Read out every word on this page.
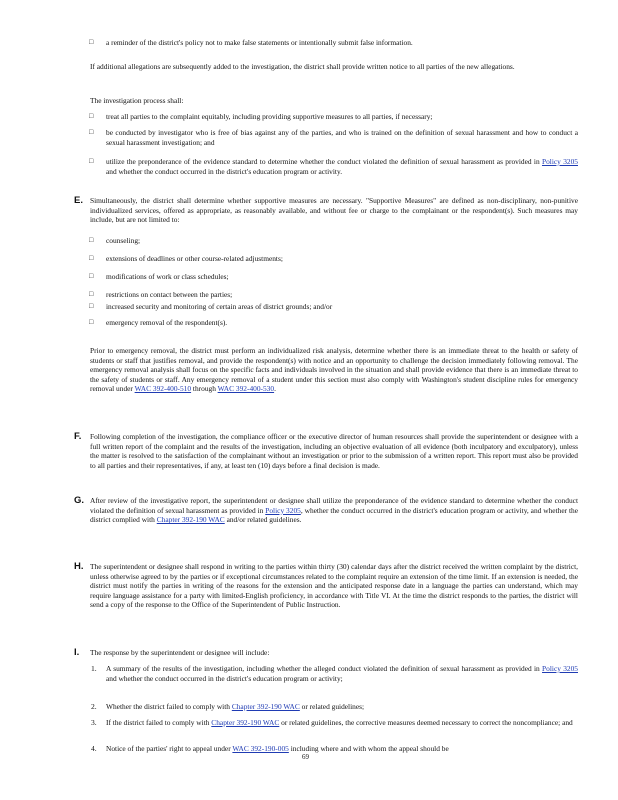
□ a reminder of the district's policy not to make false statements or intentionally submit false information.

If additional allegations are subsequently added to the investigation, the district shall provide written notice to all parties of the new allegations.

The investigation process shall:

□ treat all parties to the complaint equitably, including providing supportive measures to all parties, if necessary;

□ be conducted by investigator who is free of bias against any of the parties, and who is trained on the definition of sexual harassment and how to conduct a sexual harassment investigation; and

□ utilize the preponderance of the evidence standard to determine whether the conduct violated the definition of sexual harassment as provided in Policy 3205 and whether the conduct occurred in the district's education program or activity.

E. Simultaneously, the district shall determine whether supportive measures are necessary. "Supportive Measures" are defined as non-disciplinary, non-punitive individualized services, offered as appropriate, as reasonably available, and without fee or charge to the complainant or the respondent(s). Such measures may include, but are not limited to:

□ counseling;

□ extensions of deadlines or other course-related adjustments;

□ modifications of work or class schedules;

□ restrictions on contact between the parties;

□ increased security and monitoring of certain areas of district grounds; and/or

□ emergency removal of the respondent(s).

Prior to emergency removal, the district must perform an individualized risk analysis, determine whether there is an immediate threat to the health or safety of students or staff that justifies removal, and provide the respondent(s) with notice and an opportunity to challenge the decision immediately following removal. The emergency removal analysis shall focus on the specific facts and individuals involved in the situation and shall provide evidence that there is an immediate threat to the safety of students or staff. Any emergency removal of a student under this section must also comply with Washington's student discipline rules for emergency removal under WAC 392-400-510 through WAC 392-400-530.

F. Following completion of the investigation, the compliance officer or the executive director of human resources shall provide the superintendent or designee with a full written report of the complaint and the results of the investigation, including an objective evaluation of all evidence (both inculpatory and exculpatory), unless the matter is resolved to the satisfaction of the complainant without an investigation or prior to the submission of a written report. This report must also be provided to all parties and their representatives, if any, at least ten (10) days before a final decision is made.

G. After review of the investigative report, the superintendent or designee shall utilize the preponderance of the evidence standard to determine whether the conduct violated the definition of sexual harassment as provided in Policy 3205, whether the conduct occurred in the district's education program or activity, and whether the district complied with Chapter 392-190 WAC and/or related guidelines.

H. The superintendent or designee shall respond in writing to the parties within thirty (30) calendar days after the district received the written complaint by the district, unless otherwise agreed to by the parties or if exceptional circumstances related to the complaint require an extension of the time limit. If an extension is needed, the district must notify the parties in writing of the reasons for the extension and the anticipated response date in a language the parties can understand, which may require language assistance for a party with limited-English proficiency, in accordance with Title VI. At the time the district responds to the parties, the district will send a copy of the response to the Office of the Superintendent of Public Instruction.

I. The response by the superintendent or designee will include:

1. A summary of the results of the investigation, including whether the alleged conduct violated the definition of sexual harassment as provided in Policy 3205 and whether the conduct occurred in the district's education program or activity;
2. Whether the district failed to comply with Chapter 392-190 WAC or related guidelines;
3. If the district failed to comply with Chapter 392-190 WAC or related guidelines, the corrective measures deemed necessary to correct the noncompliance; and
4. Notice of the parties' right to appeal under WAC 392-190-005 including where and with whom the appeal should be
69
